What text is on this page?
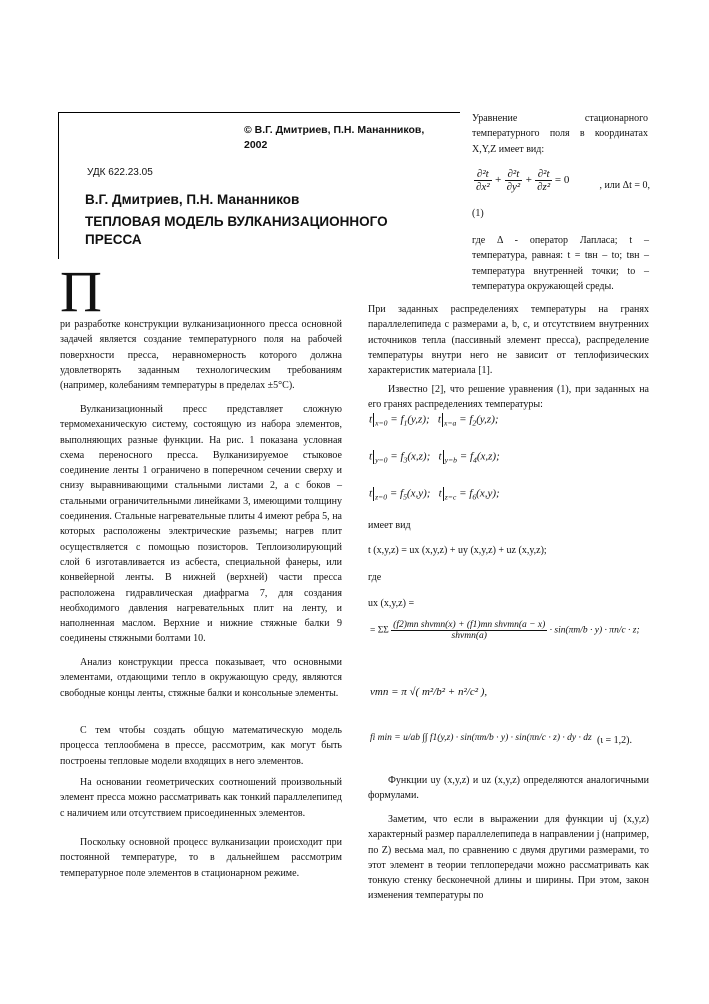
© В.Г. Дмитриев, П.Н. Мананников, 2002
УДК 622.23.05
В.Г. Дмитриев, П.Н. Мананников
ТЕПЛОВАЯ МОДЕЛЬ ВУЛКАНИЗАЦИОННОГО ПРЕССА
П

ри разработке конструкции вулканизационного пресса основной задачей является создание температурного поля на рабочей поверхности пресса, неравномерность которого должна удовлетворять заданным технологическим требованиям (например, колебаниям температуры в пределах ±5°С).

Вулканизационный пресс представляет сложную термомеханическую систему, состоящую из набора элементов, выполняющих разные функции. На рис. 1 показана условная схема переносного пресса. Вулканизируемое стыковое соединение ленты 1 ограничено в поперечном сечении сверху и снизу выравнивающими стальными листами 2, а с боков – стальными ограничительными линейками 3, имеющими толщину соединения. Стальные нагревательные плиты 4 имеют ребра 5, на которых расположены электрические разъемы; нагрев плит осуществляется с помощью позисторов. Теплоизолирующий слой 6 изготавливается из асбеста, специальной фанеры, или конвейерной ленты. В нижней (верхней) части пресса расположена гидравлическая диафрагма 7, для создания необходимого давления нагревательных плит на ленту, и наполненная маслом. Верхние и нижние стяжные балки 9 соединены стяжными болтами 10.

Анализ конструкции пресса показывает, что основными элементами, отдающими тепло в окружающую среду, являются свободные концы ленты, стяжные балки и консольные элементы.

С тем чтобы создать общую математическую модель процесса теплообмена в прессе, рассмотрим, как могут быть построены тепловые модели входящих в него элементов.

На основании геометрических соотношений произвольный элемент пресса можно рассматривать как тонкий параллелепипед с наличием или отсутствием присоединенных элементов.

Поскольку основной процесс вулканизации происходит при постоянной температуре, то в дальнейшем рассмотрим температурное поле элементов в стационарном режиме.

Уравнение стационарного температурного поля в координатах X,Y,Z имеет вид:

$\frac{\text{∂²t}}{\text{∂x²}} + \frac{\text{∂²t}}{\text{∂y²}} + \frac{\text{∂²t}}{\text{∂z²}} = 0$	, или Δt = 0,
(1)

где Δ - оператор Лапласа; t – температура, равная: t = tвн – tо; tвн – температура внутренней точки; tо – температура окружающей среды.

При заданных распределениях температуры на гранях параллелепипеда с размерами a, b, c, и отсутствием внутренних источников тепла (пассивный элемент пресса), распределение температуры внутри него не зависит от теплофизических характеристик материала [1].

Известно [2], что решение уравнения (1), при заданных на его гранях распределениях температуры:

t $_{x=0} = f_1(y,z)$;   t $_{x=a} = f_2(y,z)$;
t $_{y=0} = f_3(x,z)$;   t $_{y=b} = f_4(x,z)$;
t $_{z=0} = f_5(x,y)$;   t $_{z=c} = f_6(x,y)$;
имеет вид
t (x,y,z) = ux (x,y,z) + uy (x,y,z) + uz (x,y,z);
где
ux (x,y,z) =
= ΣΣ $\frac{\text{(f2)mn shνmn(x) + (f1)mn shνmn(a − x)}}{\text{shνmn(a)}} \cdot \sin(\pi m/b \cdot y) \cdot \pi n/c \cdot z$;
νmn = π √( m²/b² + n²/c² ),
fi min = u/ab ∫∫ f1(y,z) · sin(πm/b · y) · sin(πn/c · z) · dy · dz (ι = 1,2).

Функции uy (x,y,z) и uz (x,y,z) определяются аналогичными формулами.

Заметим, что если в выражении для функции uj (x,y,z) характерный размер параллелепипеда в направлении j (например, по Z) весьма мал, по сравнению с двумя другими размерами, то этот элемент в теории теплопередачи можно рассматривать как тонкую стенку бесконечной длины и ширины. При этом, закон изменения температуры по
